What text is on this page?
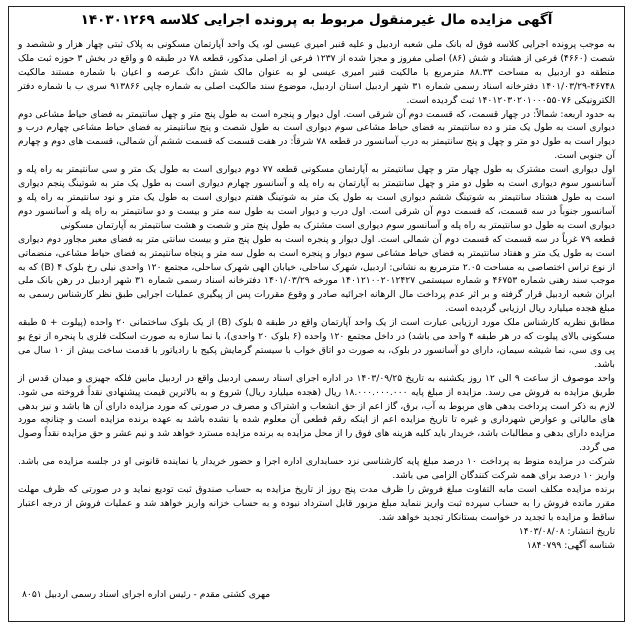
آگهی مزایده مال غیرمنقول مربوط به پرونده اجرایی کلاسه ۱۴۰۳۰۱۲۶۹

به موجب پرونده اجرایی کلاسه فوق له بانک ملی شعبه اردبیل و علیه قنبر امیری عیسی لو، یک واحد آپارتمان مسکونی به پلاک ثبتی چهار هزار و ششصد و شصت (۴۶۶۰) فرعی از هشتاد و شش (۸۶) اصلی مفروز و مجزا شده از ۱۲۳۷ فرعی از اصلی مذکور، قطعه ۷۸ در طبقه ۵ و واقع در بخش ۳ حوزه ثبت ملک منطقه دو اردبیل به مساحت ۸۸.۳۳ مترمربع با مالکیت قنبر امیری عیسی لو به عنوان مالک شش دانگ عرصه و اعیان با شماره مستند مالکیت ۴۶۷۴۸-۱۴۰۱/۰۳/۲۹ دفترخانه اسناد رسمی شماره ۳۱ شهر اردبیل استان اردبیل، موضوع سند مالکیت اصلی به شماره چاپی ۹۱۳۸۶۶ سری ب با شماره دفتر الکترونیکی ۱۴۰۱۲۰۳۰۲۰۱۰۰۰۵۵۰۷۶ ثبت گردیده است.

به حدود اربعه: شمالاً: در چهار قسمت، که قسمت دوم آن شرقی است. اول دیوار و پنجره است به طول پنج متر و چهل سانتیمتر به فضای حیاط مشاعی دوم دیواری است به طول یک متر و ده سانتیمتر به فضای حیاط مشاعی سوم دیواری است به طول شصت و پنج سانتیمتر به فضای حیاط مشاعی چهارم درب و دیوار است به طول دو متر و چهل و پنج سانتیمتر به درب آسانسور در قطعه ۷۸ شرقاً: در هفت قسمت که قسمت ششم آن شمالی، قسمت های دوم و چهارم آن جنوبی است.

اول دیواری است مشترک به طول چهار متر و چهل سانتیمتر به آپارتمان مسکونی قطعه ۷۷ دوم دیواری است به طول یک متر و سی سانتیمتر به راه پله و آسانسور سوم دیواری است به طول دو متر و چهل سانتیمتر به آپارتمان به راه پله و آسانسور چهارم دیواری است به طول یک متر به شوتینگ پنجم دیواری است به طول هشتاد سانتیمتر به شوتینگ ششم دیواری است به طول یک متر به شوتینگ هفتم دیواری است به طول یک متر و نود سانتیمتر به راه پله و آسانسور جنوباً در سه قسمت، که قسمت دوم آن شرقی است. اول درب و دیوار است به طول سه متر و بیست و دو سانتیمتر به راه پله و آسانسور دوم دیواری است به طول دو سانتیمتر به راه پله و آسانسور سوم دیواری است مشترک به طول پنج متر و شصت و هشت سانتیمتر به آپارتمان مسکونی

قطعه ۷۹ غرباً در سه قسمت که قسمت دوم آن شمالی است. اول دیوار و پنجره است به طول پنج متر و بیست سانتی متر به فضای معبر مجاور دوم دیواری است به طول یک متر و هفتاد سانتیمتر به فضای حیاط مشاعی سوم دیوار و پنجره است به طول سه متر و پنجاه سانتیمتر به فضای حیاط مشاعی، منضماتی از نوع تراس اختصاصی به مساحت ۲.۰۵ مترمربع به نشانی: اردبیل، شهرک ساحلی، خیابان الهی شهرک ساحلی، مجتمع ۱۲۰ واحدی نیلی رخ بلوک ۴ (B) که به موجب سند رهنی شماره ۴۶۷۵۳ و شماره سیستمی ۱۴۰۱۲۱۰۰۲۰۱۲۴۲۷ مورخه ۱۴۰۱/۰۳/۲۹ دفترخانه اسناد رسمی شماره ۳۱ شهر اردبیل در رهن بانک ملی ایران شعبه اردبیل قرار گرفته و بر اثر عدم پرداخت مال الرهانه اجرائیه صادر و وقوع مقررات پس از پیگیری عملیات اجرایی طبق نظر کارشناس رسمی به مبلغ هجده میلیارد ریال ارزیابی گردیده است.

مطابق نظریه کارشناس ملک مورد ارزیابی عبارت است از یک واحد آپارتمان واقع در طبقه ۵ بلوک (B) از یک بلوک ساختمانی ۲۰ واحده (پیلوت + ۵ طبقه مسکونی بالای پیلوت که در هر طبقه ۴ واحد می باشد) در داخل مجتمع ۱۲۰ واحده (۶ بلوک ۲۰ واحدی)، با نما سازه به صورت اسکلت فلزی با پنجره از نوع یو پی وی سی، نما شیشه سیمان، دارای دو آسانسور در بلوک، به صورت دو اتاق خواب با سیستم گرمایش پکیج با رادیاتور با قدمت ساخت بیش از ۱۰ سال می باشد.

واحد موصوف از ساعت ۹ الی ۱۲ روز یکشنبه به تاریخ ۱۴۰۳/۰۹/۲۵ در اداره اجرای اسناد رسمی اردبیل واقع در اردبیل مابین فلکه جهیزی و میدان قدس از طریق مزایده به فروش می رسد. مزایده از مبلغ پایه ۱۸.۰۰۰.۰۰۰.۰۰۰ ریال (هجده میلیارد ریال) شروع و به بالاترین قیمت پیشنهادی نقداً فروخته می شود. لازم به ذکر است پرداخت بدهی های مربوط به آب، برق، گاز اعم از حق انشعاب و اشتراک و مصرف در صورتی که مورد مزایده دارای آن ها باشد و نیز بدهی های مالیاتی و عوارض شهرداری و غیره تا تاریخ مزایده اعم از اینکه رقم قطعی آن معلوم شده یا نشده باشد به عهده برنده مزایده است و چنانچه مورد مزایده دارای بدهی و مطالبات باشد، خریدار باید کلیه هزینه های فوق را از محل مزایده به برنده مزایده مسترد خواهد شد و نیم عشر و حق مزایده نقداً وصول می گردد.

شرکت در مزایده منوط به پرداخت ۱۰ درصد مبلغ پایه کارشناسی نزد حسابداری اداره اجرا و حضور خریدار یا نماینده قانونی او در جلسه مزایده می باشد. واریز ۱۰ درصد برای همه شرکت کنندگان الزامی می باشد.

برنده مزایده مکلف است مابه التفاوت مبلغ فروش را ظرف مدت پنج روز از تاریخ مزایده به حساب صندوق ثبت تودیع نماید و در صورتی که ظرف مهلت مقرر مانده فروش را به حساب سپرده ثبت واریز ننماید مبلغ مزبور قابل استرداد نبوده و به حساب خزانه واریز خواهد شد و عملیات فروش از درجه اعتبار ساقط و مزایده با تجدید در خواست بستانکار تجدید خواهد شد.

تاریخ انتشار: ۱۴۰۳/۰۸/۰۸
شناسه آگهی: ۱۸۴۰۷۹۹
مهری کشتی مقدم - رئیس اداره اجرای اسناد رسمی اردبیل ۸۰۵۱
